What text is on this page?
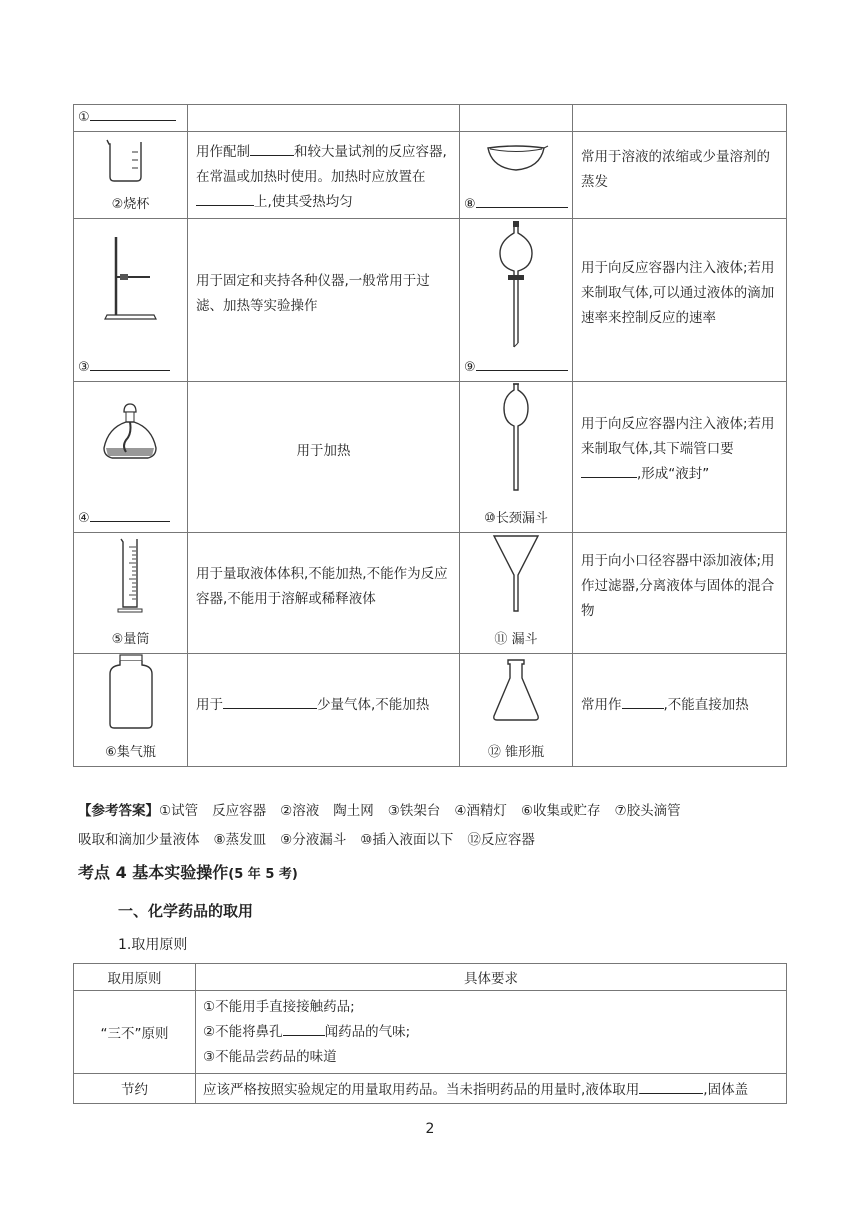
①			

②烧杯	用作配制 和较大量试剂的反应容器,在常温或加热时使用。加热时应放置在上,使其受热均匀	⑧	常用于溶液的浓缩或少量溶剂的蒸发

③	用于固定和夹持各种仪器,一般常用于过滤、加热等实验操作	⑨	用于向反应容器内注入液体;若用来制取气体,可以通过液体的滴加速率来控制反应的速率

④	用于加热	⑩长颈漏斗	用于向反应容器内注入液体;若用来制取气体,其下端管口要,形成“液封”

⑤量筒	用于量取液体体积,不能加热,不能作为反应容器,不能用于溶解或稀释液体	⑪ 漏斗	用于向小口径容器中添加液体;用作过滤器,分离液体与固体的混合物

⑥集气瓶	用于 少量气体,不能加热	⑫ 锥形瓶	常用作 ,不能直接加热
【参考答案】①试管 反应容器 ②溶液 陶土网 ③铁架台 ④酒精灯 ⑥收集或贮存 ⑦胶头滴管
吸取和滴加少量液体 ⑧蒸发皿 ⑨分液漏斗 ⑩插入液面以下 ⑫反应容器
考点 4 基本实验操作(5 年 5 考)
一、化学药品的取用
1.取用原则
取用原则	具体要求
“三不”原则	①不能用手直接接触药品;
②不能将鼻孔 闻药品的气味;
③不能品尝药品的味道

节约	应该严格按照实验规定的用量取用药品。当未指明药品的用量时,液体取用 ,固体盖
2
